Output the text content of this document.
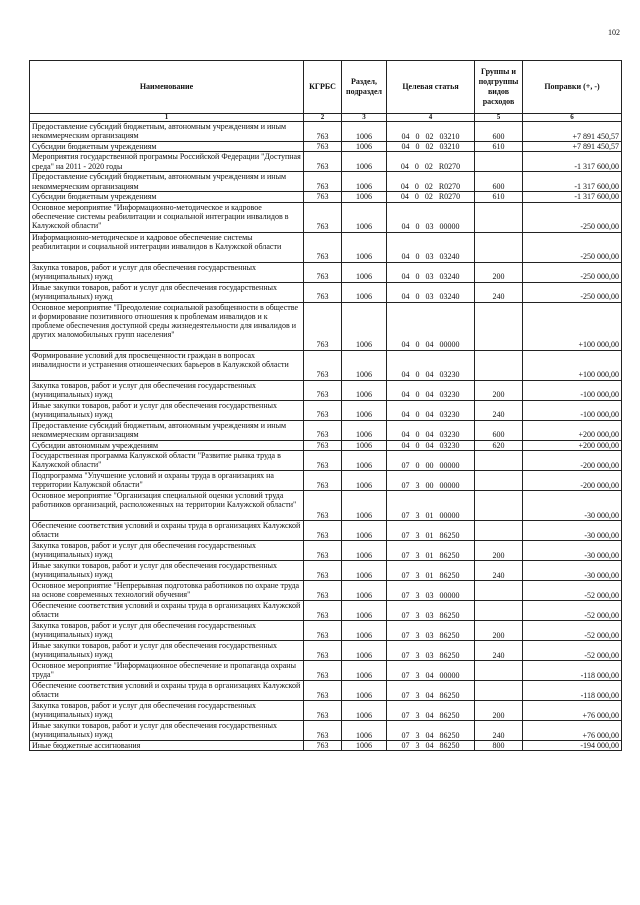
102
Наименование	КГРБС	Раздел, подраздел	Целевая статья	Группы и подгруппы видов расходов	Поправки (+, -)
1	2	3	4	5	6
Предоставление субсидий бюджетным, автономным учреждениям и иным некоммерческим организациям	763	1006	04  0  02  03210	600	+7 891 450,57
Субсидии бюджетным учреждениям	763	1006	04  0  02  03210	610	+7 891 450,57
Мероприятия государственной программы Российской Федерации "Доступная среда" на 2011 - 2020 годы	763	1006	04  0  02  R0270		-1 317 600,00
Предоставление субсидий бюджетным, автономным учреждениям и иным некоммерческим организациям	763	1006	04  0  02  R0270	600	-1 317 600,00
Субсидии бюджетным учреждениям	763	1006	04  0  02  R0270	610	-1 317 600,00
Основное мероприятие "Информационно-методическое и кадровое обеспечение системы реабилитации и социальной интеграции инвалидов в Калужской области"	763	1006	04  0  03  00000		-250 000,00
Информационно-методическое и кадровое обеспечение системы реабилитации и социальной интеграции инвалидов в Калужской области	763	1006	04  0  03  03240		-250 000,00
Закупка товаров, работ и услуг для обеспечения государственных (муниципальных) нужд	763	1006	04  0  03  03240	200	-250 000,00
Иные закупки товаров, работ и услуг для обеспечения государственных (муниципальных) нужд	763	1006	04  0  03  03240	240	-250 000,00
Основное мероприятие "Преодоление социальной разобщенности в обществе и формирование позитивного отношения к проблемам инвалидов и к проблеме обеспечения доступной среды жизнедеятельности для инвалидов и других маломобильных групп населения"	763	1006	04  0  04  00000		+100 000,00
Формирование условий для просвещенности граждан в вопросах инвалидности и устранения отношенческих барьеров в Калужской области	763	1006	04  0  04  03230		+100 000,00
Закупка товаров, работ и услуг для обеспечения государственных (муниципальных) нужд	763	1006	04  0  04  03230	200	-100 000,00
Иные закупки товаров, работ и услуг для обеспечения государственных (муниципальных) нужд	763	1006	04  0  04  03230	240	-100 000,00
Предоставление субсидий бюджетным, автономным учреждениям и иным некоммерческим организациям	763	1006	04  0  04  03230	600	+200 000,00
Субсидии автономным учреждениям	763	1006	04  0  04  03230	620	+200 000,00
Государственная программа Калужской области "Развитие рынка труда в Калужской области"	763	1006	07  0  00  00000		-200 000,00
Подпрограмма "Улучшение условий и охраны труда в организациях на территории Калужской области"	763	1006	07  3  00  00000		-200 000,00
Основное мероприятие "Организация специальной оценки условий труда работников организаций, расположенных на территории Калужской области"	763	1006	07  3  01  00000		-30 000,00
Обеспечение соответствия условий и охраны труда в организациях Калужской области	763	1006	07  3  01  86250		-30 000,00
Закупка товаров, работ и услуг для обеспечения государственных (муниципальных) нужд	763	1006	07  3  01  86250	200	-30 000,00
Иные закупки товаров, работ и услуг для обеспечения государственных (муниципальных) нужд	763	1006	07  3  01  86250	240	-30 000,00
Основное мероприятие "Непрерывная подготовка работников по охране труда на основе современных технологий обучения"	763	1006	07  3  03  00000		-52 000,00
Обеспечение соответствия условий и охраны труда в организациях Калужской области	763	1006	07  3  03  86250		-52 000,00
Закупка товаров, работ и услуг для обеспечения государственных (муниципальных) нужд	763	1006	07  3  03  86250	200	-52 000,00
Иные закупки товаров, работ и услуг для обеспечения государственных (муниципальных) нужд	763	1006	07  3  03  86250	240	-52 000,00
Основное мероприятие "Информационное обеспечение и пропаганда охраны труда"	763	1006	07  3  04  00000		-118 000,00
Обеспечение соответствия условий и охраны труда в организациях Калужской области	763	1006	07  3  04  86250		-118 000,00
Закупка товаров, работ и услуг для обеспечения государственных (муниципальных) нужд	763	1006	07  3  04  86250	200	+76 000,00
Иные закупки товаров, работ и услуг для обеспечения государственных (муниципальных) нужд	763	1006	07  3  04  86250	240	+76 000,00
Иные бюджетные ассигнования	763	1006	07  3  04  86250	800	-194 000,00
